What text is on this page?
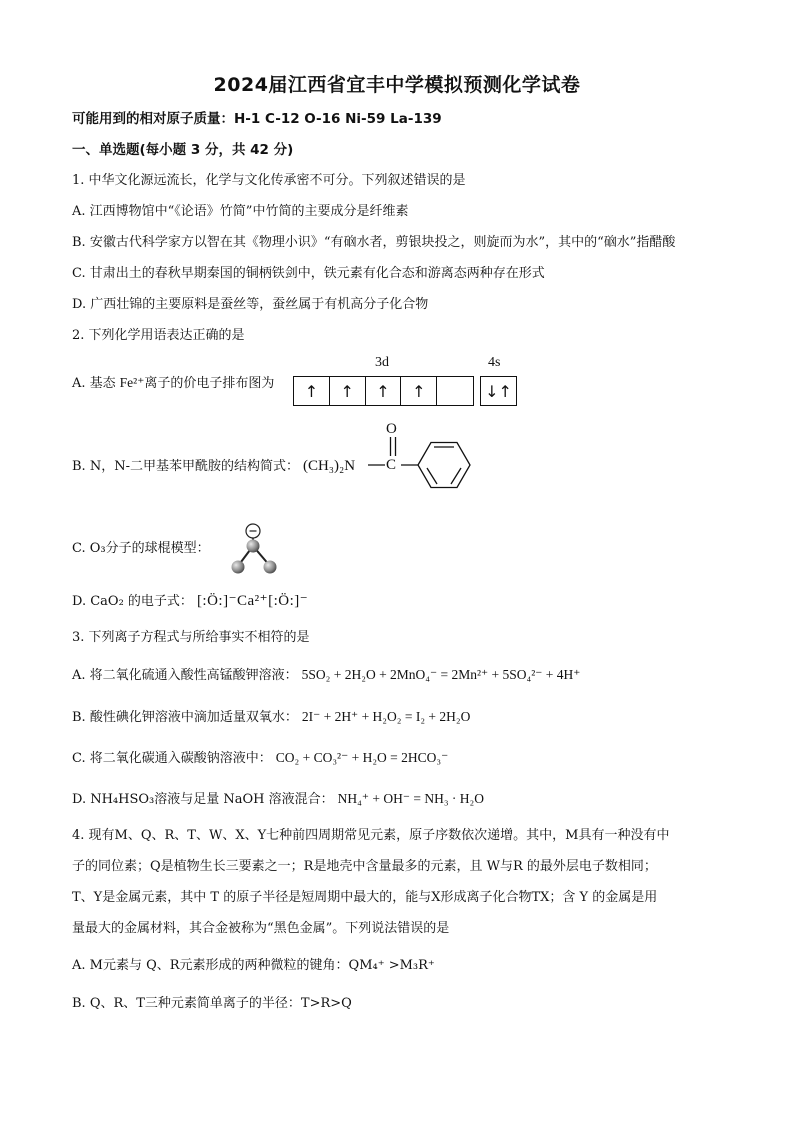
2024届江西省宜丰中学模拟预测化学试卷
可能用到的相对原子质量：H-1 C-12 O-16 Ni-59 La-139
一、单选题(每小题 3 分，共 42 分)
1. 中华文化源远流长，化学与文化传承密不可分。下列叙述错误的是
A. 江西博物馆中“《论语》竹简”中竹简的主要成分是纤维素
B. 安徽古代科学家方以智在其《物理小识》“有硇水者，剪银块投之，则旋而为水”，其中的“硇水”指醋酸
C. 甘肃出土的春秋早期秦国的铜柄铁剑中，铁元素有化合态和游离态两种存在形式
D. 广西壮锦的主要原料是蚕丝等，蚕丝属于有机高分子化合物
2. 下列化学用语表达正确的是
3d	4s
A. 基态 Fe²⁺离子的价电子排布图为	↑	↑	↑	↑	↓↑
B. N，N-二甲基苯甲酰胺的结构简式： (CH₃)₂N C
O
C. O₃分子的球棍模型：
D. CaO₂ 的电子式： [:Ö:]⁻Ca²⁺[:Ö:]⁻
3. 下列离子方程式与所给事实不相符的是
A. 将二氧化硫通入酸性高锰酸钾溶液： 5SO₂ + 2H₂O + 2MnO₄⁻ = 2Mn²⁺ + 5SO₄²⁻ + 4H⁺
B. 酸性碘化钾溶液中滴加适量双氧水： 2I⁻ + 2H⁺ + H₂O₂ = I₂ + 2H₂O
C. 将二氧化碳通入碳酸钠溶液中： CO₂ + CO₃²⁻ + H₂O = 2HCO₃⁻
D. NH₄HSO₃溶液与足量 NaOH 溶液混合： NH₄⁺ + OH⁻ = NH₃ · H₂O
4. 现有M、Q、R、T、W、X、Y七种前四周期常见元素，原子序数依次递增。其中，M具有一种没有中
子的同位素；Q是植物生长三要素之一；R是地壳中含量最多的元素，且 W与R 的最外层电子数相同；
T、Y是金属元素，其中 T 的原子半径是短周期中最大的，能与X形成离子化合物TX；含 Y 的金属是用
量最大的金属材料，其合金被称为“黑色金属”。下列说法错误的是
A. M元素与 Q、R元素形成的两种微粒的键角：QM₄⁺ >M₃R⁺
B. Q、R、T三种元素简单离子的半径：T>R>Q
